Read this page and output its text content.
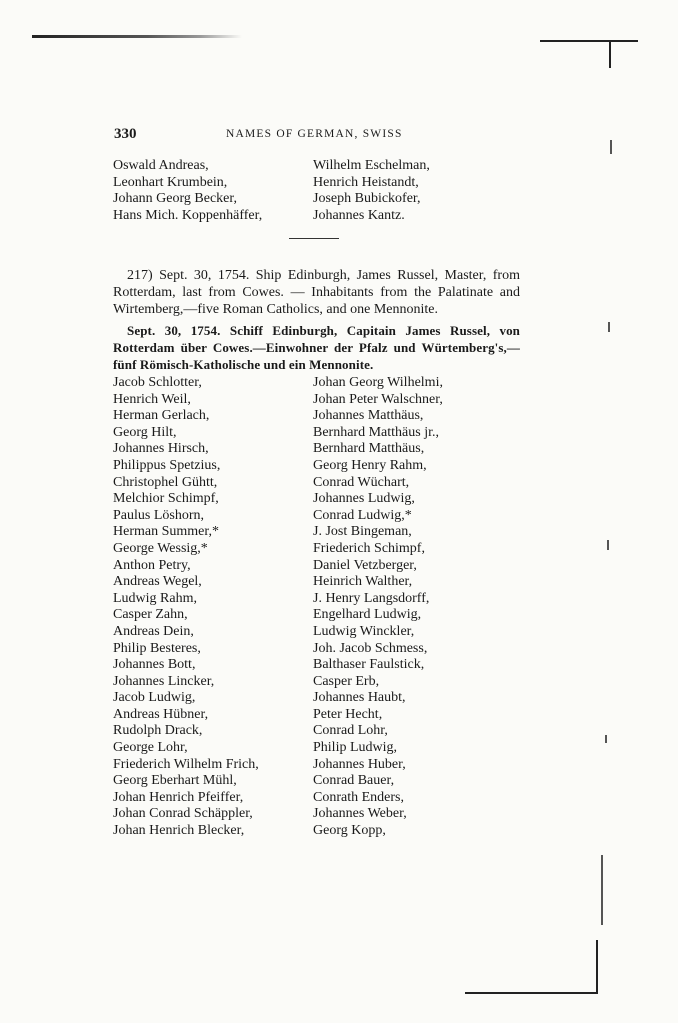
330	NAMES OF GERMAN, SWISS
Oswald Andreas,
Leonhart Krumbein,
Johann Georg Becker,
Hans Mich. Koppenhäffer,
Wilhelm Eschelman,
Henrich Heistandt,
Joseph Bubickofer,
Johannes Kantz.
217) Sept. 30, 1754. Ship Edinburgh, James Russel, Master, from Rotterdam, last from Cowes. — Inhabitants from the Palatinate and Wirtemberg,—five Roman Catholics, and one Mennonite.
Sept. 30, 1754. Schiff Edinburgh, Capitain James Russel, von Rotterdam über Cowes.—Einwohner der Pfalz und Würtemberg's,—fünf Römisch-Katholische und ein Mennonite.
Jacob Schlotter,
Henrich Weil,
Herman Gerlach,
Georg Hilt,
Johannes Hirsch,
Philippus Spetzius,
Christophel Gühtt,
Melchior Schimpf,
Paulus Löshorn,
Herman Summer,*
George Wessig,*
Anthon Petry,
Andreas Wegel,
Ludwig Rahm,
Casper Zahn,
Andreas Dein,
Philip Besteres,
Johannes Bott,
Johannes Lincker,
Jacob Ludwig,
Andreas Hübner,
Rudolph Drack,
George Lohr,
Friederich Wilhelm Frich,
Georg Eberhart Mühl,
Johan Henrich Pfeiffer,
Johan Conrad Schäppler,
Johan Henrich Blecker,
Johan Georg Wilhelmi,
Johan Peter Walschner,
Johannes Matthäus,
Bernhard Matthäus jr.,
Bernhard Matthäus,
Georg Henry Rahm,
Conrad Wüchart,
Johannes Ludwig,
Conrad Ludwig,*
J. Jost Bingeman,
Friederich Schimpf,
Daniel Vetzberger,
Heinrich Walther,
J. Henry Langsdorff,
Engelhard Ludwig,
Ludwig Winckler,
Joh. Jacob Schmess,
Balthaser Faulstick,
Casper Erb,
Johannes Haubt,
Peter Hecht,
Conrad Lohr,
Philip Ludwig,
Johannes Huber,
Conrad Bauer,
Conrath Enders,
Johannes Weber,
Georg Kopp,
